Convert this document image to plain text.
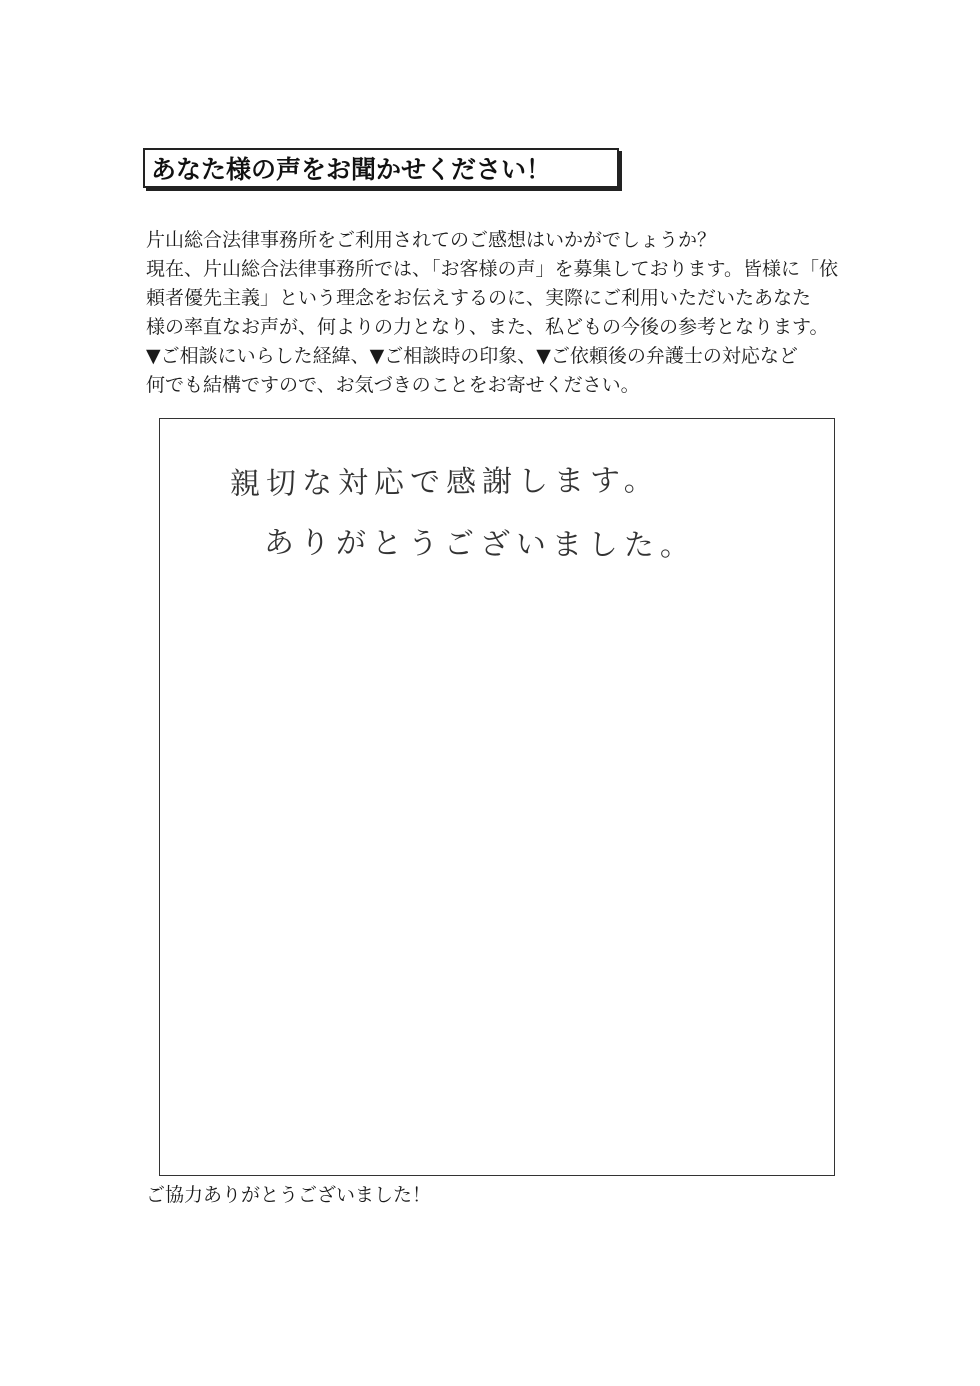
あなた様の声をお聞かせください！

片山総合法律事務所をご利用されてのご感想はいかがでしょうか？

現在、片山総合法律事務所では、「お客様の声」を募集しております。皆様に「依

頼者優先主義」という理念をお伝えするのに、実際にご利用いただいたあなた

様の率直なお声が、何よりの力となり、また、私どもの今後の参考となります。

▼ご相談にいらした経緯、▼ご相談時の印象、▼ご依頼後の弁護士の対応など

何でも結構ですので、お気づきのことをお寄せください。

親切な対応で感謝します。
ありがとうございました。
ご協力ありがとうございました！
